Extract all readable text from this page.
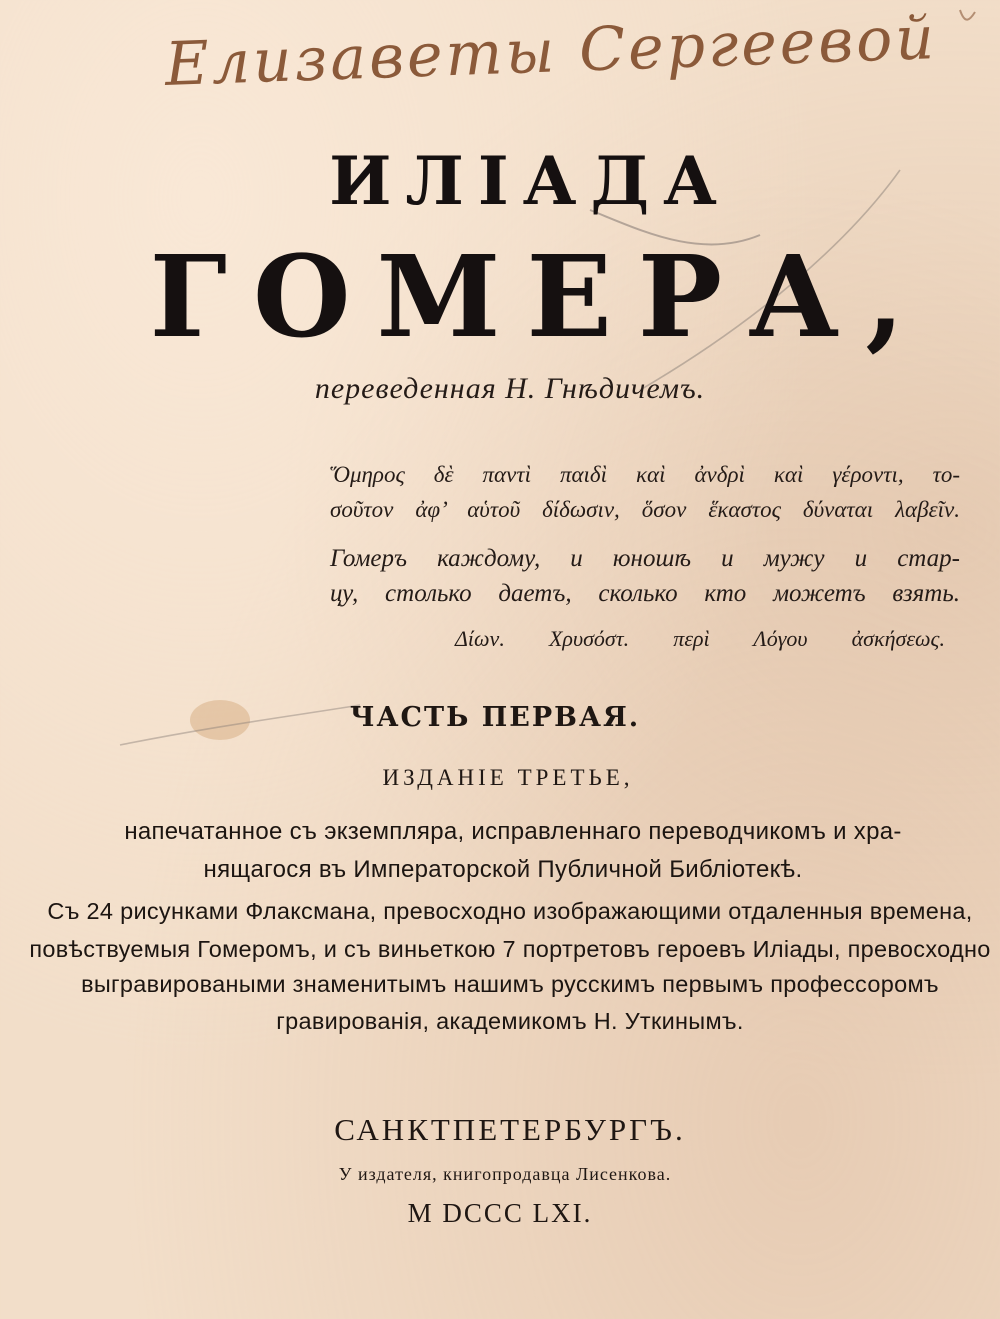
Елизаветы Сергеевой
ИЛІАДА
ГОМЕРА,
переведенная Н. Гнѣдичемъ.
Ὅμηρος δὲ παντὶ παιδὶ καὶ ἀνδρὶ καὶ γέροντι, το-
σοῦτον ἀφ’ αὑτοῦ δίδωσιν, ὅσον ἕκαστος δύναται λαβεῖν.
Гомеръ каждому, и юношѣ и мужу и стар-
цу, столько даетъ, сколько кто можетъ взять.
Δίων. Χρυσόστ. περὶ Λόγου ἀσκήσεως.
ЧАСТЬ ПЕРВАЯ.
ИЗДАНІЕ ТРЕТЬЕ,
напечатанное съ экземпляра, исправленнаго переводчикомъ и хра-
нящагося въ Императорской Публичной Библіотекѣ.
Съ 24 рисунками Флаксмана, превосходно изображающими отдаленныя времена,
повѣствуемыя Гомеромъ, и съ виньеткою 7 портретовъ героевъ Иліады, превосходно
выгравироваными знаменитымъ нашимъ русскимъ первымъ профессоромъ
гравированія, академикомъ Н. Уткинымъ.
САНКТПЕТЕРБУРГЪ.
У издателя, книгопродавца Лисенкова.
M DCCC LXI.
